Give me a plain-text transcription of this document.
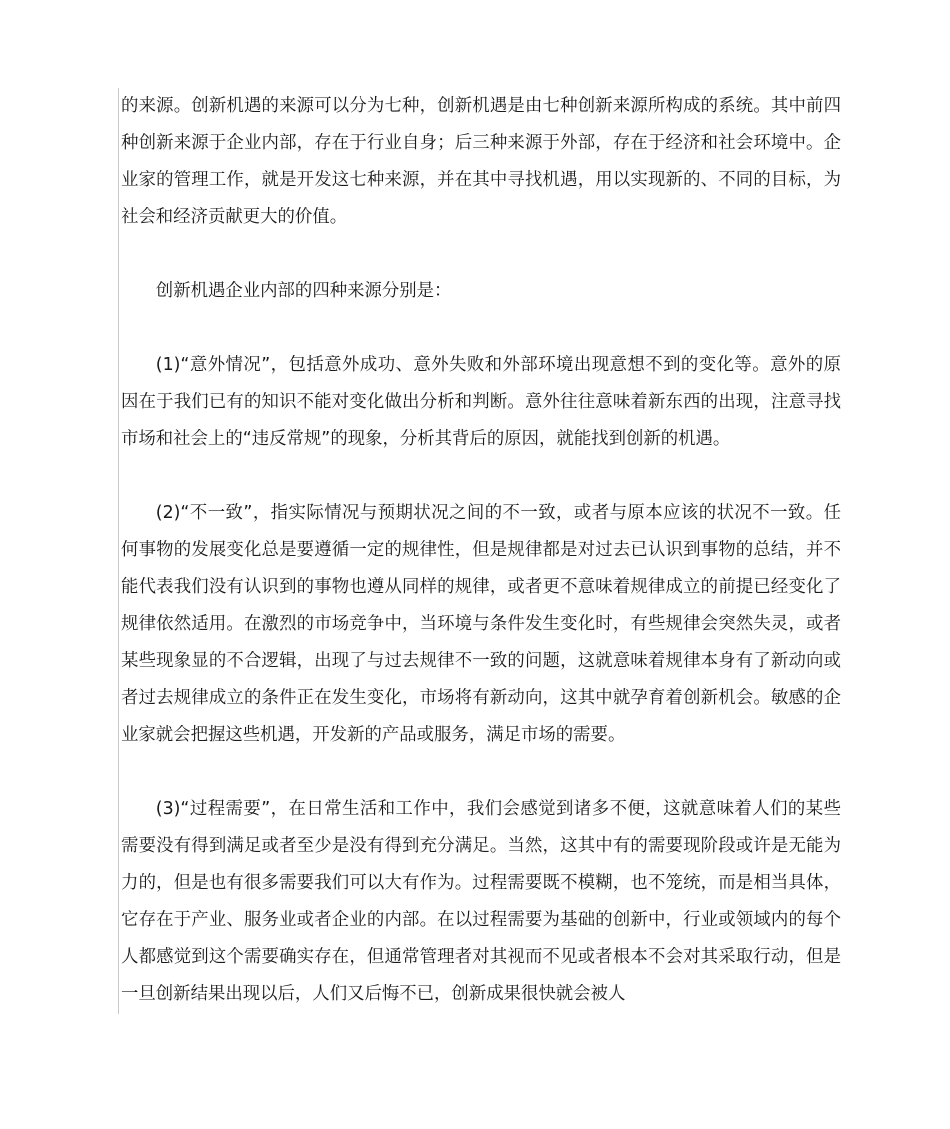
的来源。创新机遇的来源可以分为七种，创新机遇是由七种创新来源所构成的系统。其中前四种创新来源于企业内部，存在于行业自身；后三种来源于外部，存在于经济和社会环境中。企业家的管理工作，就是开发这七种来源，并在其中寻找机遇，用以实现新的、不同的目标，为社会和经济贡献更大的价值。

创新机遇企业内部的四种来源分别是：

(1)“意外情况”，包括意外成功、意外失败和外部环境出现意想不到的变化等。意外的原因在于我们已有的知识不能对变化做出分析和判断。意外往往意味着新东西的出现，注意寻找市场和社会上的“违反常规”的现象，分析其背后的原因，就能找到创新的机遇。

(2)“不一致”，指实际情况与预期状况之间的不一致，或者与原本应该的状况不一致。任何事物的发展变化总是要遵循一定的规律性，但是规律都是对过去已认识到事物的总结，并不能代表我们没有认识到的事物也遵从同样的规律，或者更不意味着规律成立的前提已经变化了规律依然适用。在激烈的市场竞争中，当环境与条件发生变化时，有些规律会突然失灵，或者某些现象显的不合逻辑，出现了与过去规律不一致的问题，这就意味着规律本身有了新动向或者过去规律成立的条件正在发生变化，市场将有新动向，这其中就孕育着创新机会。敏感的企业家就会把握这些机遇，开发新的产品或服务，满足市场的需要。

(3)“过程需要”，在日常生活和工作中，我们会感觉到诸多不便，这就意味着人们的某些需要没有得到满足或者至少是没有得到充分满足。当然，这其中有的需要现阶段或许是无能为力的，但是也有很多需要我们可以大有作为。过程需要既不模糊，也不笼统，而是相当具体，它存在于产业、服务业或者企业的内部。在以过程需要为基础的创新中，行业或领域内的每个人都感觉到这个需要确实存在，但通常管理者对其视而不见或者根本不会对其采取行动，但是一旦创新结果出现以后，人们又后悔不已，创新成果很快就会被人
